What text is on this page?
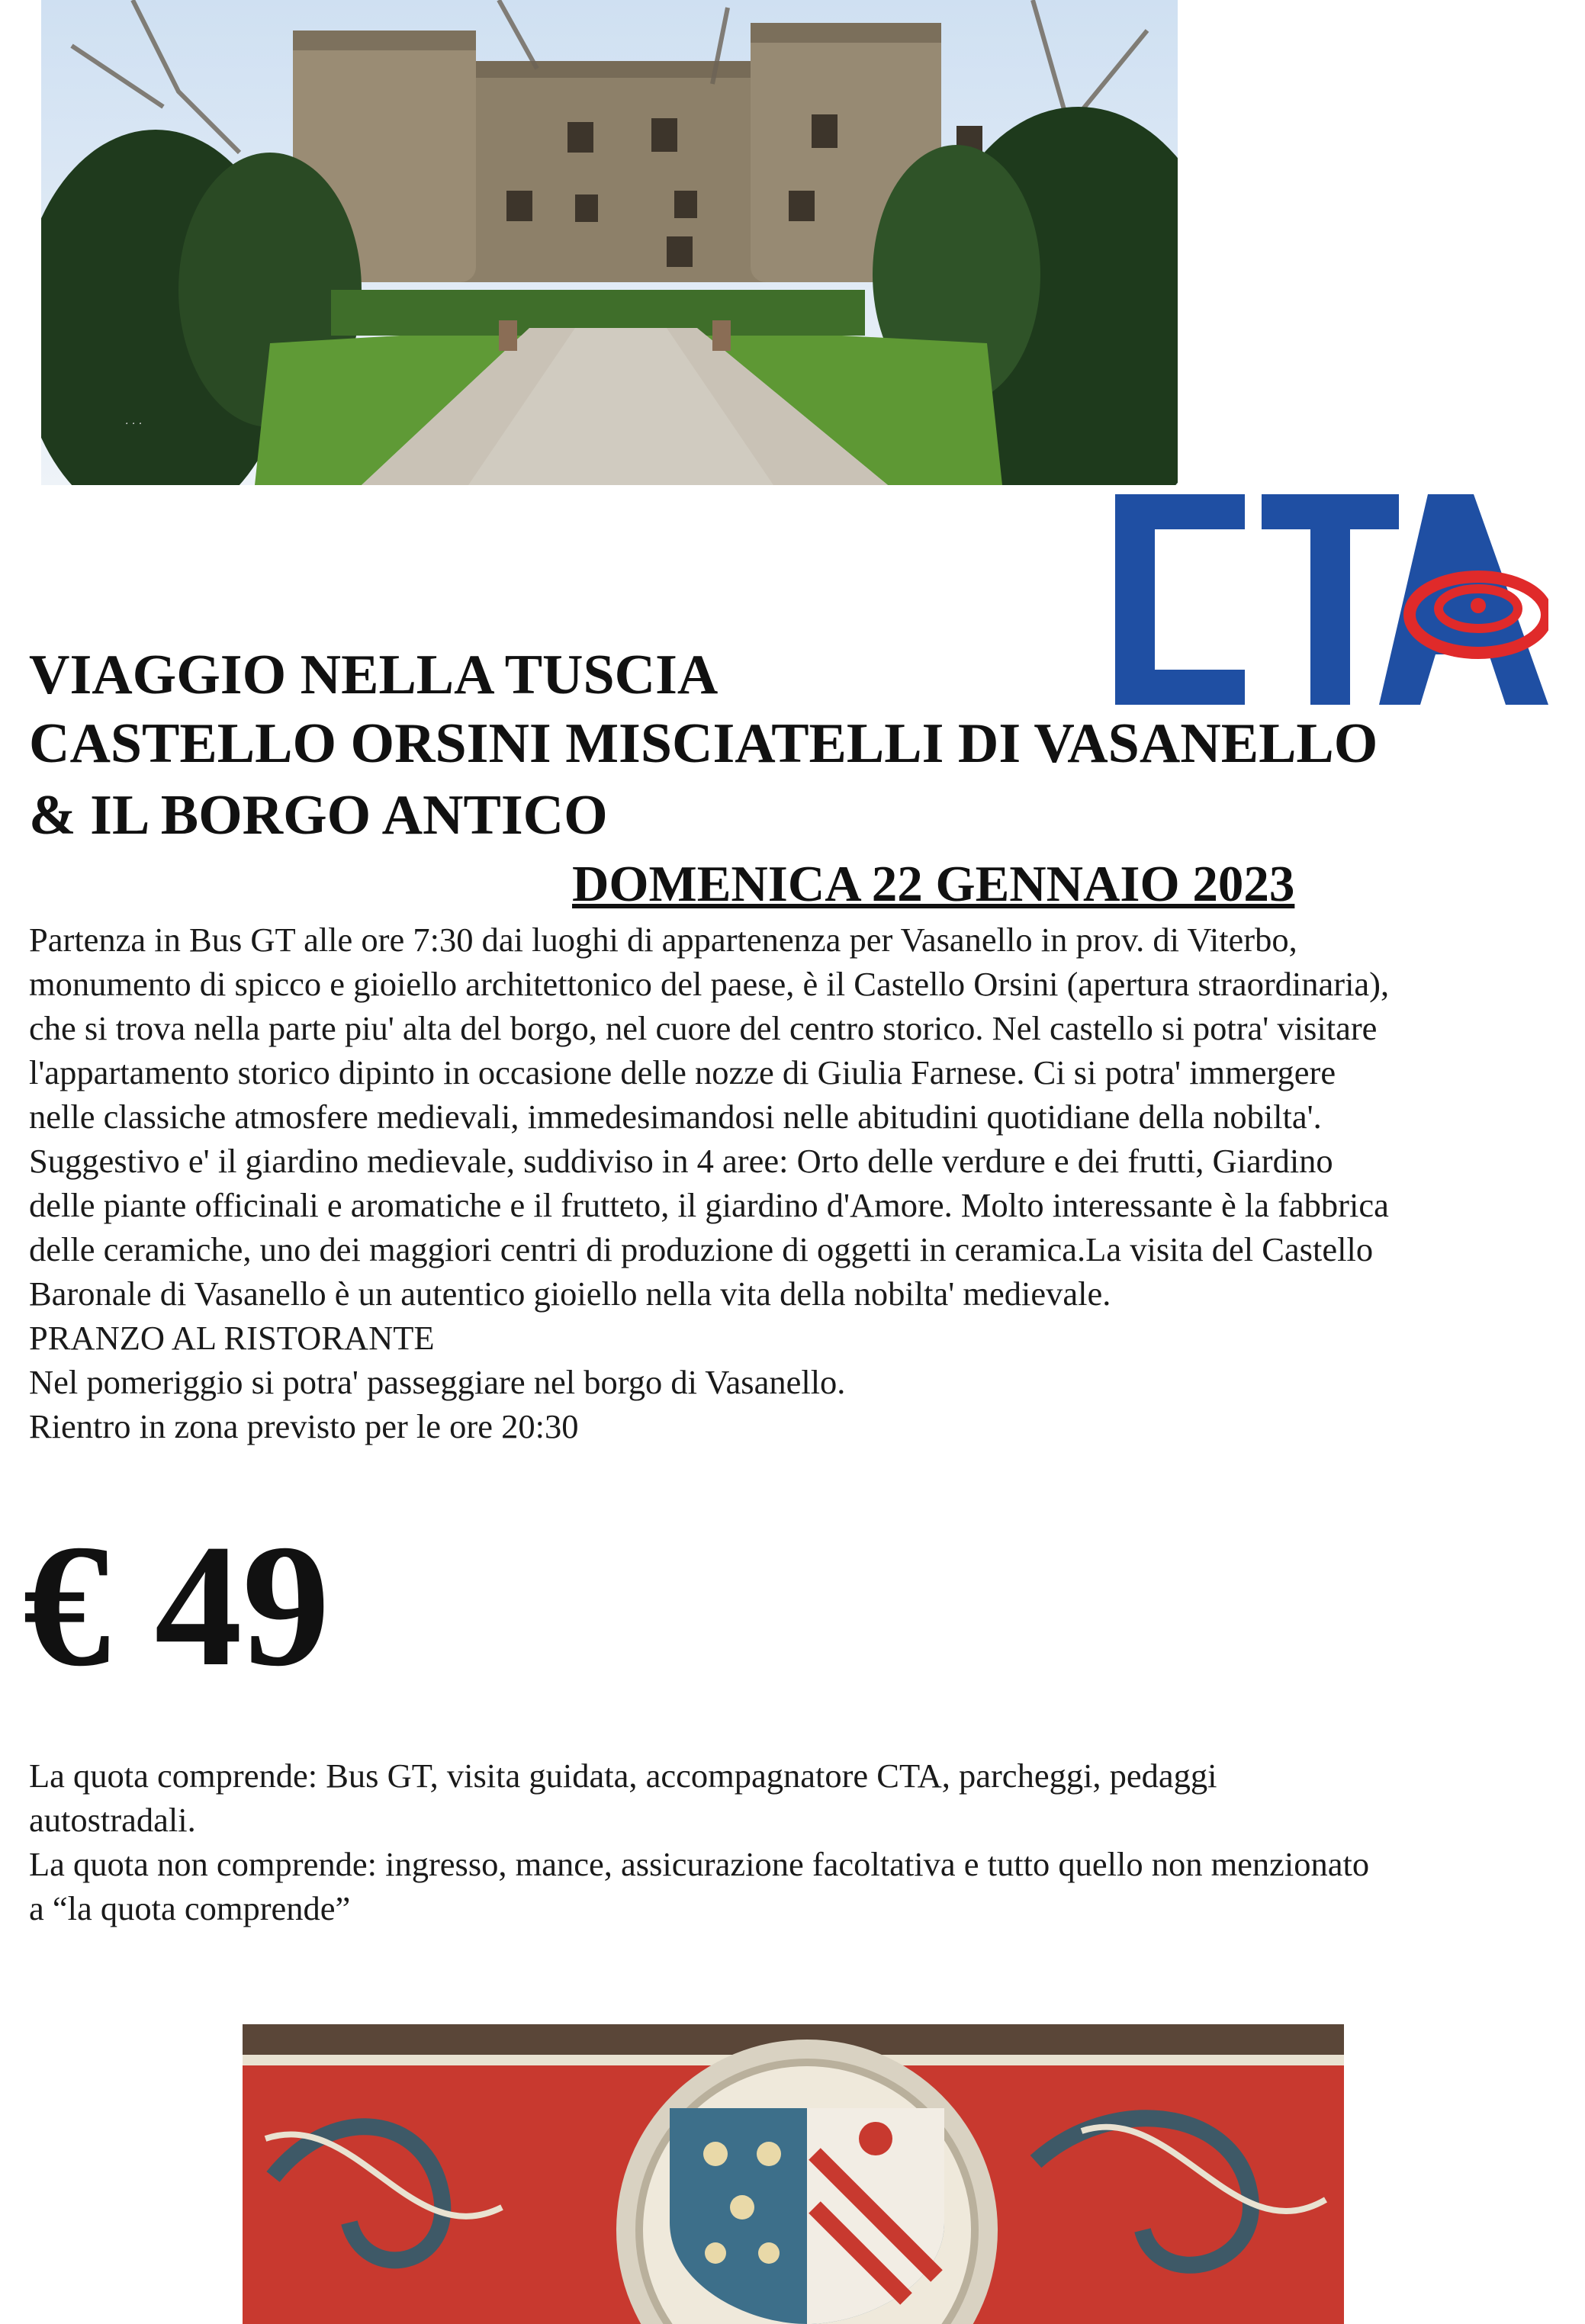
· · ·
VIAGGIO NELLA TUSCIA
CASTELLO ORSINI MISCIATELLI DI VASANELLO
& IL BORGO ANTICO

DOMENICA 22 GENNAIO 2023

Partenza in Bus GT alle ore 7:30 dai luoghi di appartenenza per Vasanello in prov. di Viterbo,

monumento di spicco e gioiello architettonico del paese, è il Castello Orsini (apertura straordinaria),

che si trova nella parte piu' alta del borgo, nel cuore del centro storico. Nel castello si potra' visitare

l'appartamento storico dipinto in occasione delle nozze di Giulia Farnese. Ci si potra' immergere

nelle classiche atmosfere medievali, immedesimandosi nelle abitudini quotidiane della nobilta'.

Suggestivo e' il giardino medievale, suddiviso in 4 aree: Orto delle verdure e dei frutti, Giardino

delle piante officinali e aromatiche e il frutteto, il giardino d'Amore. Molto interessante è la fabbrica

delle ceramiche, uno dei maggiori centri di produzione di oggetti in ceramica.La visita del Castello

Baronale di Vasanello è un autentico gioiello nella vita della nobilta' medievale.

PRANZO AL RISTORANTE

Nel pomeriggio si potra' passeggiare nel borgo di Vasanello.

Rientro in zona previsto per le ore 20:30

€ 49

La quota comprende: Bus GT, visita guidata, accompagnatore CTA, parcheggi, pedaggi

autostradali.

La quota non comprende: ingresso, mance, assicurazione facoltativa e tutto quello non menzionato

a “la quota comprende”
